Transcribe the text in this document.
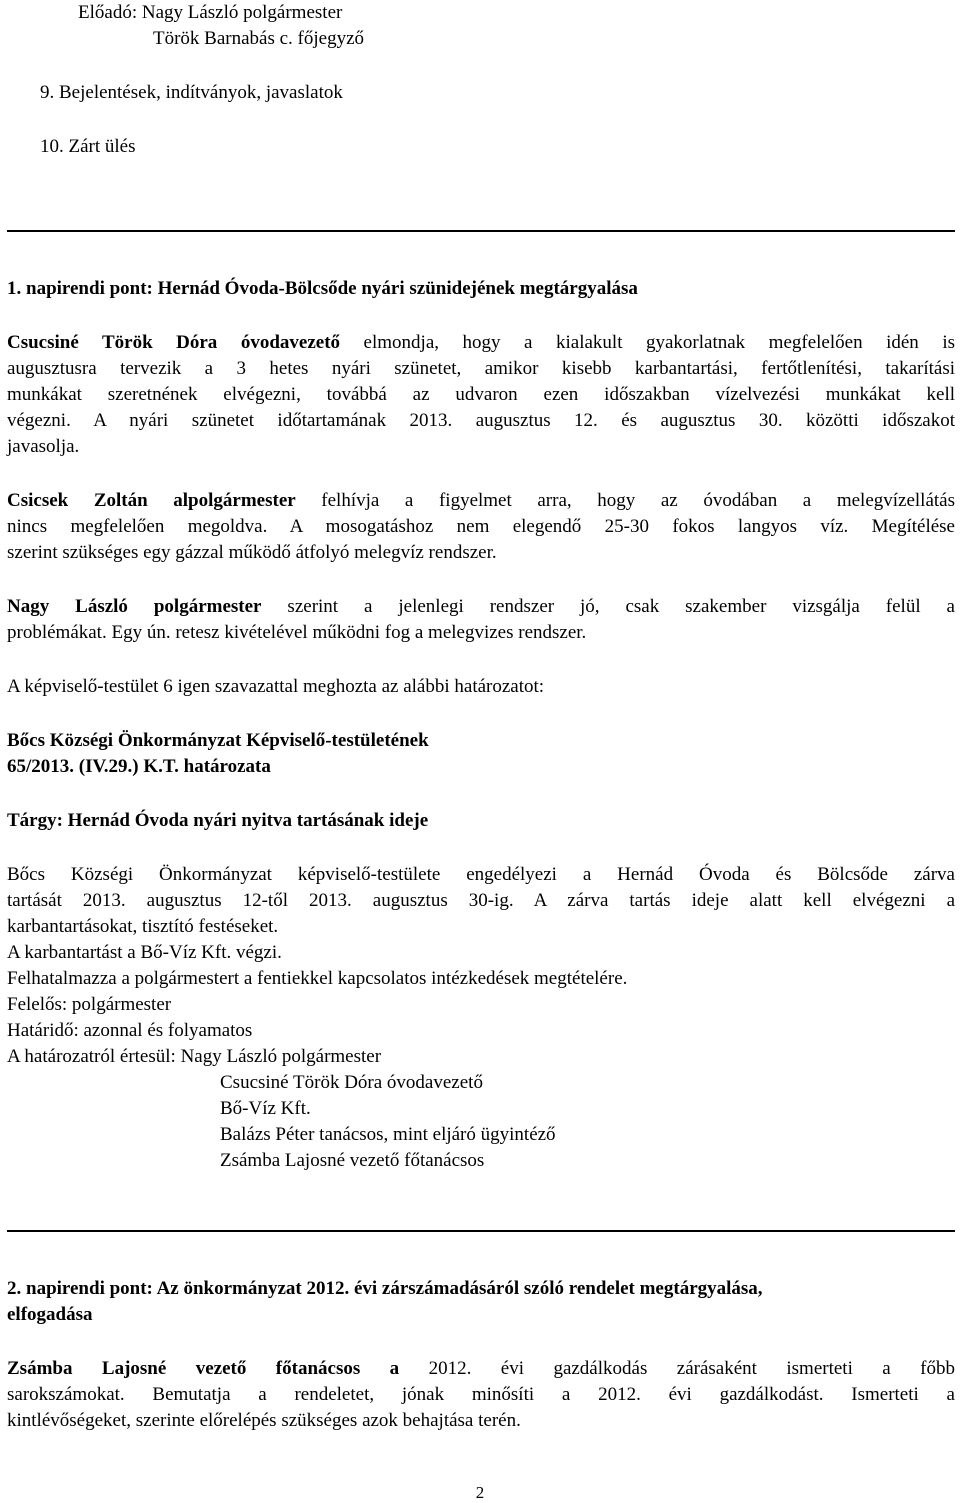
Előadó: Nagy László polgármester
Török Barnabás c. főjegyző
9. Bejelentések, indítványok, javaslatok
10. Zárt ülés
1. napirendi pont: Hernád Óvoda-Bölcsőde nyári szünidejének megtárgyalása
Csucsiné Török Dóra óvodavezető elmondja, hogy a kialakult gyakorlatnak megfelelően idén is
augusztusra tervezik a 3 hetes nyári szünetet, amikor kisebb karbantartási, fertőtlenítési, takarítási
munkákat szeretnének elvégezni, továbbá az udvaron ezen időszakban vízelvezési munkákat kell
végezni. A nyári szünetet időtartamának 2013. augusztus 12. és augusztus 30. közötti időszakot
javasolja.
Csicsek Zoltán alpolgármester felhívja a figyelmet arra, hogy az óvodában a melegvízellátás
nincs megfelelően megoldva. A mosogatáshoz nem elegendő 25-30 fokos langyos víz. Megítélése
szerint szükséges egy gázzal működő átfolyó melegvíz rendszer.
Nagy László polgármester szerint a jelenlegi rendszer jó, csak szakember vizsgálja felül a
problémákat. Egy ún. retesz kivételével működni fog a melegvizes rendszer.
A képviselő-testület 6 igen szavazattal meghozta az alábbi határozatot:
Bőcs Községi Önkormányzat Képviselő-testületének
65/2013. (IV.29.) K.T. határozata
Tárgy: Hernád Óvoda nyári nyitva tartásának ideje
Bőcs Községi Önkormányzat képviselő-testülete engedélyezi a Hernád Óvoda és Bölcsőde zárva
tartását 2013. augusztus 12-től 2013. augusztus 30-ig. A zárva tartás ideje alatt kell elvégezni a
karbantartásokat, tisztító festéseket.
A karbantartást a Bő-Víz Kft. végzi.
Felhatalmazza a polgármestert a fentiekkel kapcsolatos intézkedések megtételére.
Felelős: polgármester
Határidő: azonnal és folyamatos
A határozatról értesül: Nagy László polgármester
Csucsiné Török Dóra óvodavezető
Bő-Víz Kft.
Balázs Péter tanácsos, mint eljáró ügyintéző
Zsámba Lajosné vezető főtanácsos
2. napirendi pont: Az önkormányzat 2012. évi zárszámadásáról szóló rendelet megtárgyalása,
elfogadása
Zsámba Lajosné vezető főtanácsos a 2012. évi gazdálkodás zárásaként ismerteti a főbb
sarokszámokat. Bemutatja a rendeletet, jónak minősíti a 2012. évi gazdálkodást. Ismerteti a
kintlévőségeket, szerinte előrelépés szükséges azok behajtása terén.
2
